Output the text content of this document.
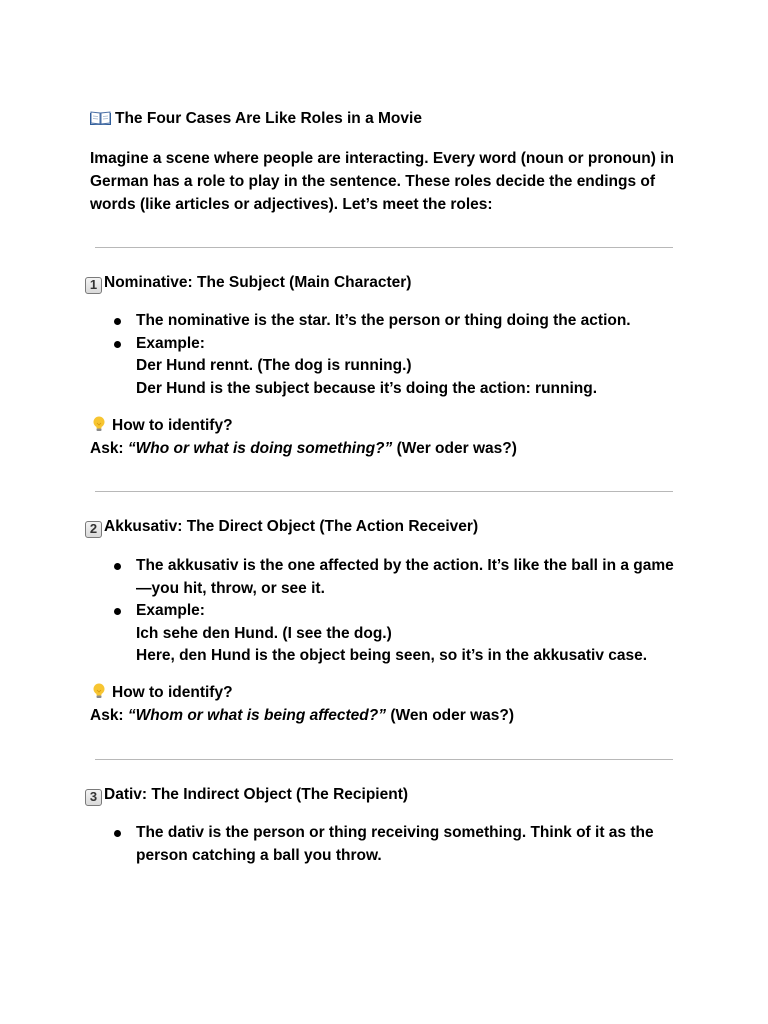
The Four Cases Are Like Roles in a Movie
Imagine a scene where people are interacting. Every word (noun or pronoun) in German has a role to play in the sentence. These roles decide the endings of words (like articles or adjectives). Let’s meet the roles:
1 Nominative: The Subject (Main Character)
The nominative is the star. It’s the person or thing doing the action.
Example:
Der Hund rennt. (The dog is running.)
Der Hund is the subject because it’s doing the action: running.
How to identify?
Ask: “Who or what is doing something?” (Wer oder was?)
2 Akkusativ: The Direct Object (The Action Receiver)
The akkusativ is the one affected by the action. It’s like the ball in a game—you hit, throw, or see it.
Example:
Ich sehe den Hund. (I see the dog.)
Here, den Hund is the object being seen, so it’s in the akkusativ case.
How to identify?
Ask: “Whom or what is being affected?” (Wen oder was?)
3 Dativ: The Indirect Object (The Recipient)
The dativ is the person or thing receiving something. Think of it as the person catching a ball you throw.
